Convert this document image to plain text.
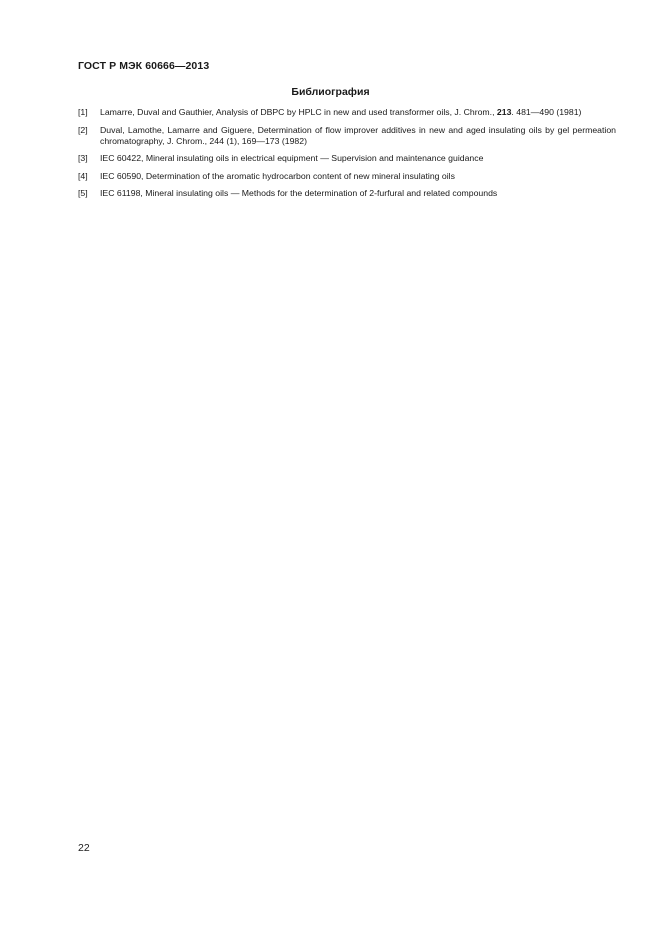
ГОСТ Р МЭК 60666—2013
Библиография
[1]	Lamarre, Duval and Gauthier, Analysis of DBPC by HPLC in new and used transformer oils, J. Chrom., 213. 481—490 (1981)
[2]	Duval, Lamothe, Lamarre and Giguere, Determination of flow improver additives in new and aged insulating oils by gel permeation chromatography, J. Chrom., 244 (1), 169—173 (1982)
[3]	IEC 60422, Mineral insulating oils in electrical equipment — Supervision and maintenance guidance
[4]	IEC 60590, Determination of the aromatic hydrocarbon content of new mineral insulating oils
[5]	IEC 61198, Mineral insulating oils — Methods for the determination of 2-furfural and related compounds
22
